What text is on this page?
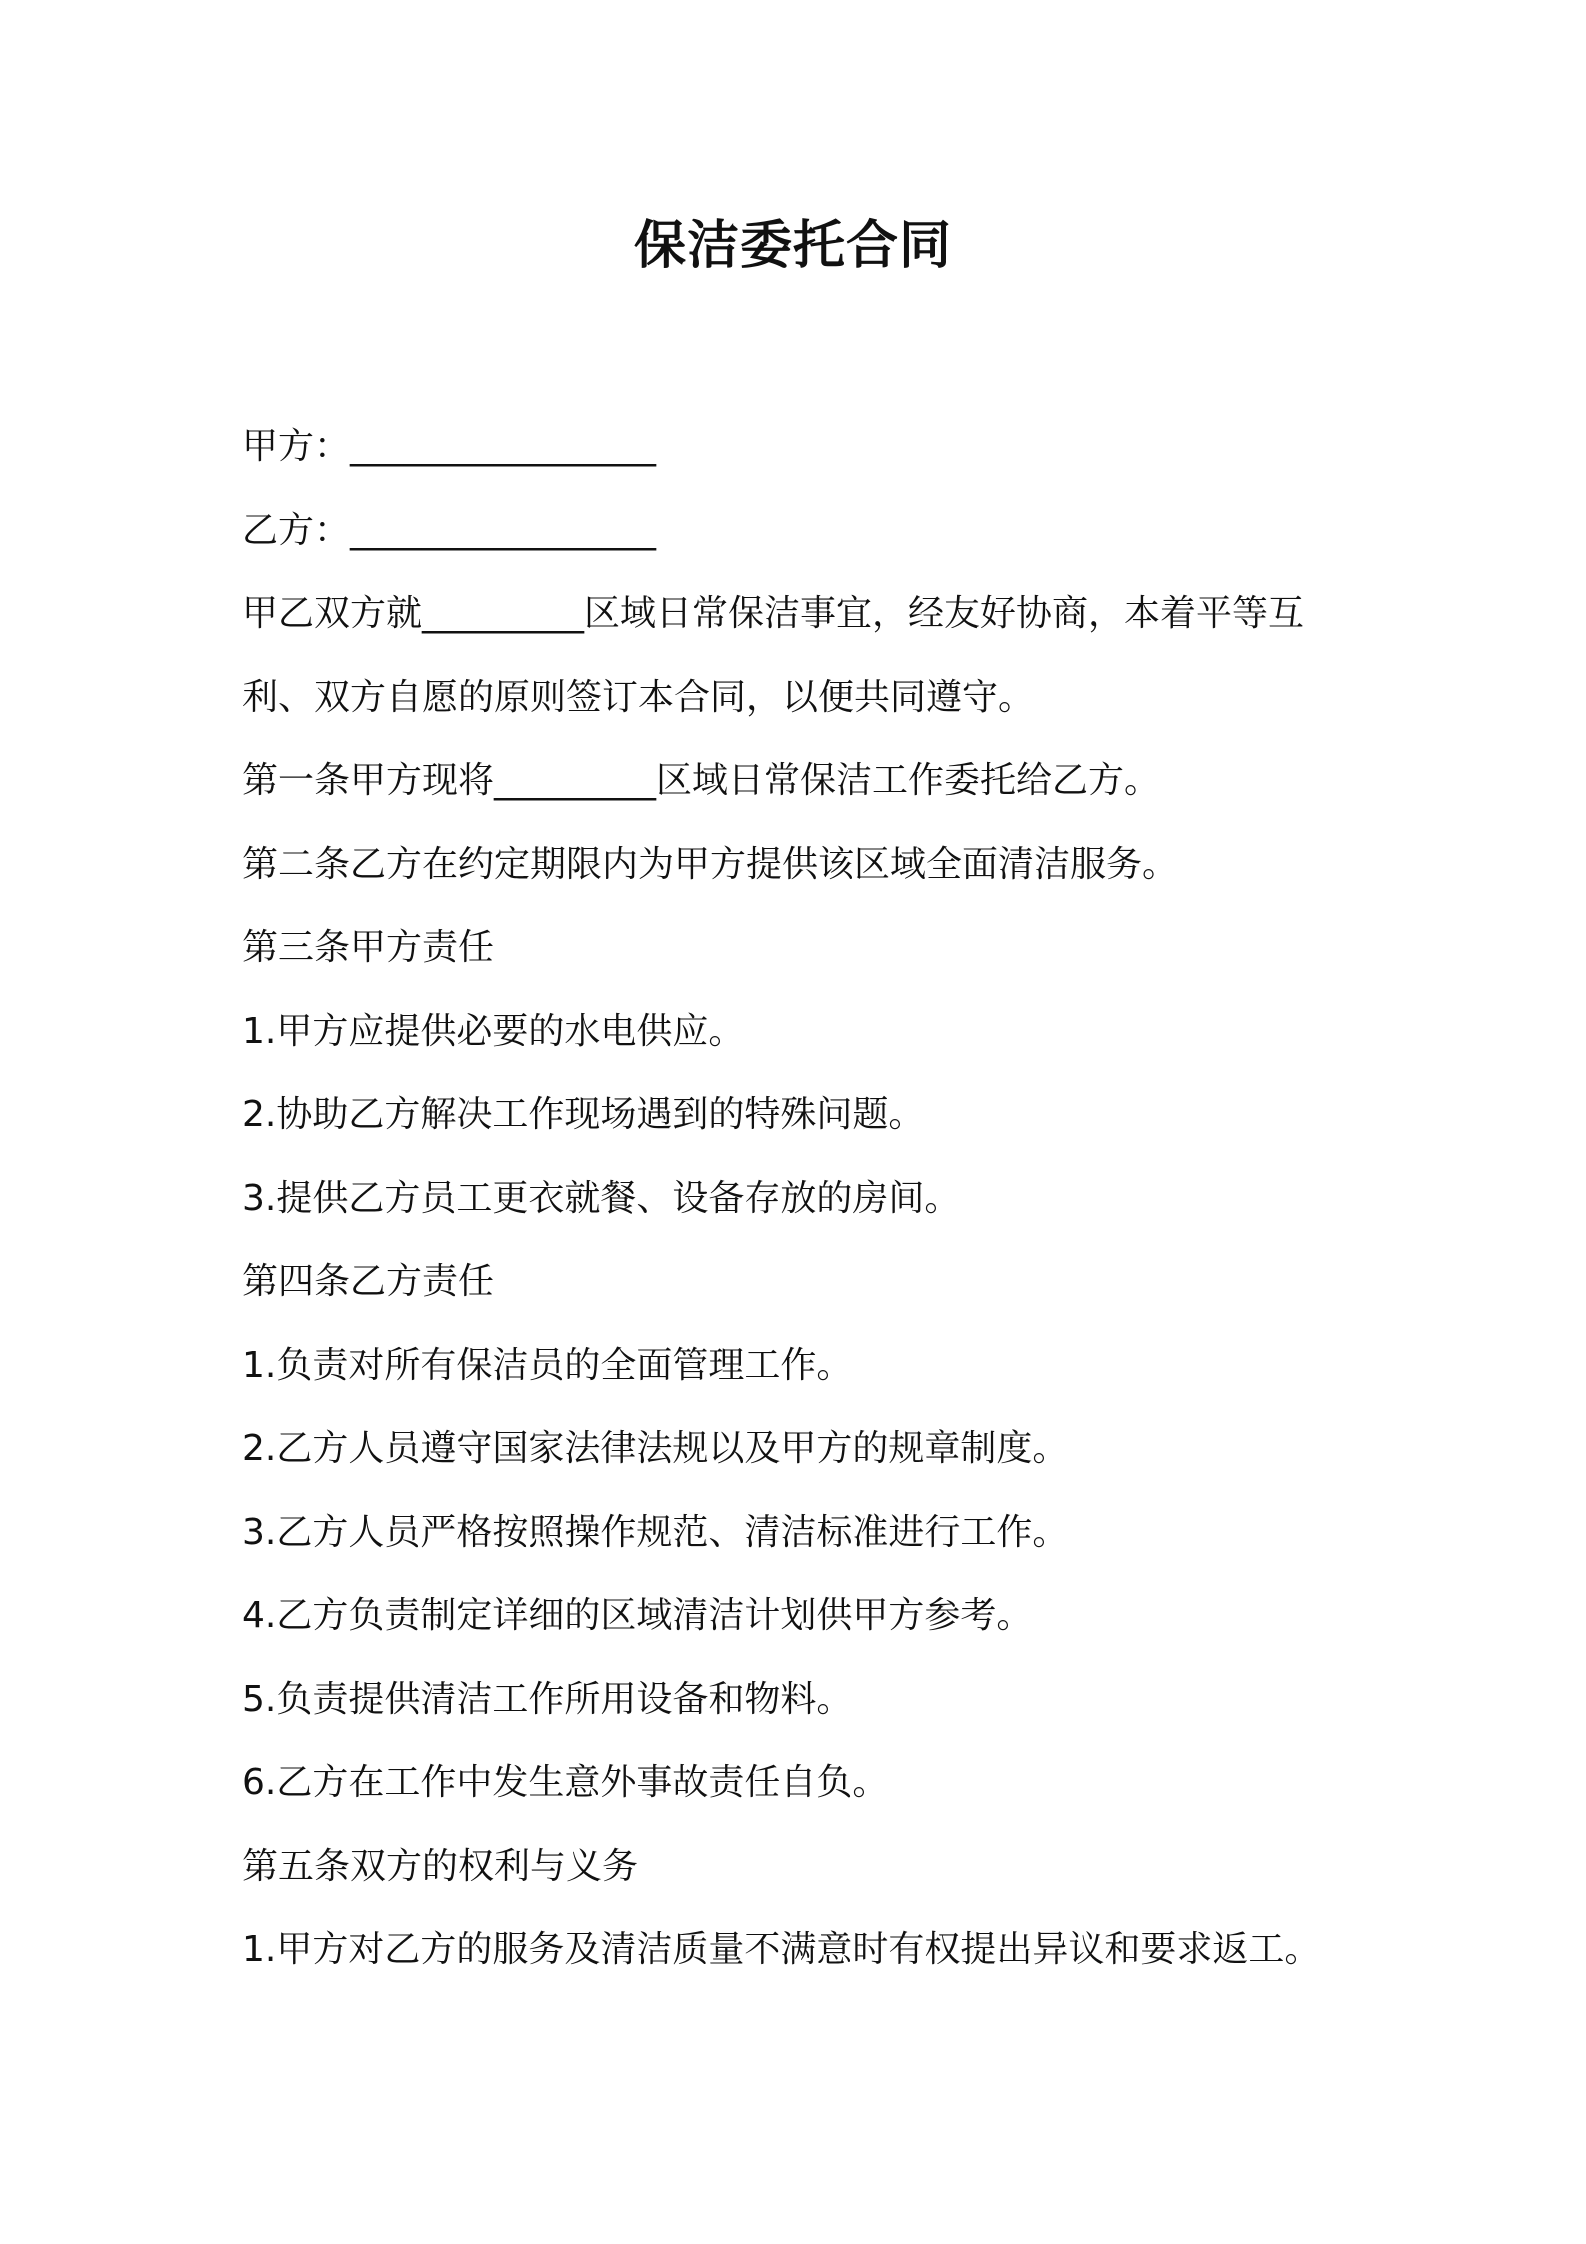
保洁委托合同
甲方：_________________
乙方：_________________
甲乙双方就_________区域日常保洁事宜，经友好协商，本着平等互
利、双方自愿的原则签订本合同，以便共同遵守。
第一条甲方现将_________区域日常保洁工作委托给乙方。
第二条乙方在约定期限内为甲方提供该区域全面清洁服务。
第三条甲方责任
1.甲方应提供必要的水电供应。
2.协助乙方解决工作现场遇到的特殊问题。
3.提供乙方员工更衣就餐、设备存放的房间。
第四条乙方责任
1.负责对所有保洁员的全面管理工作。
2.乙方人员遵守国家法律法规以及甲方的规章制度。
3.乙方人员严格按照操作规范、清洁标准进行工作。
4.乙方负责制定详细的区域清洁计划供甲方参考。
5.负责提供清洁工作所用设备和物料。
6.乙方在工作中发生意外事故责任自负。
第五条双方的权利与义务
1.甲方对乙方的服务及清洁质量不满意时有权提出异议和要求返工。
